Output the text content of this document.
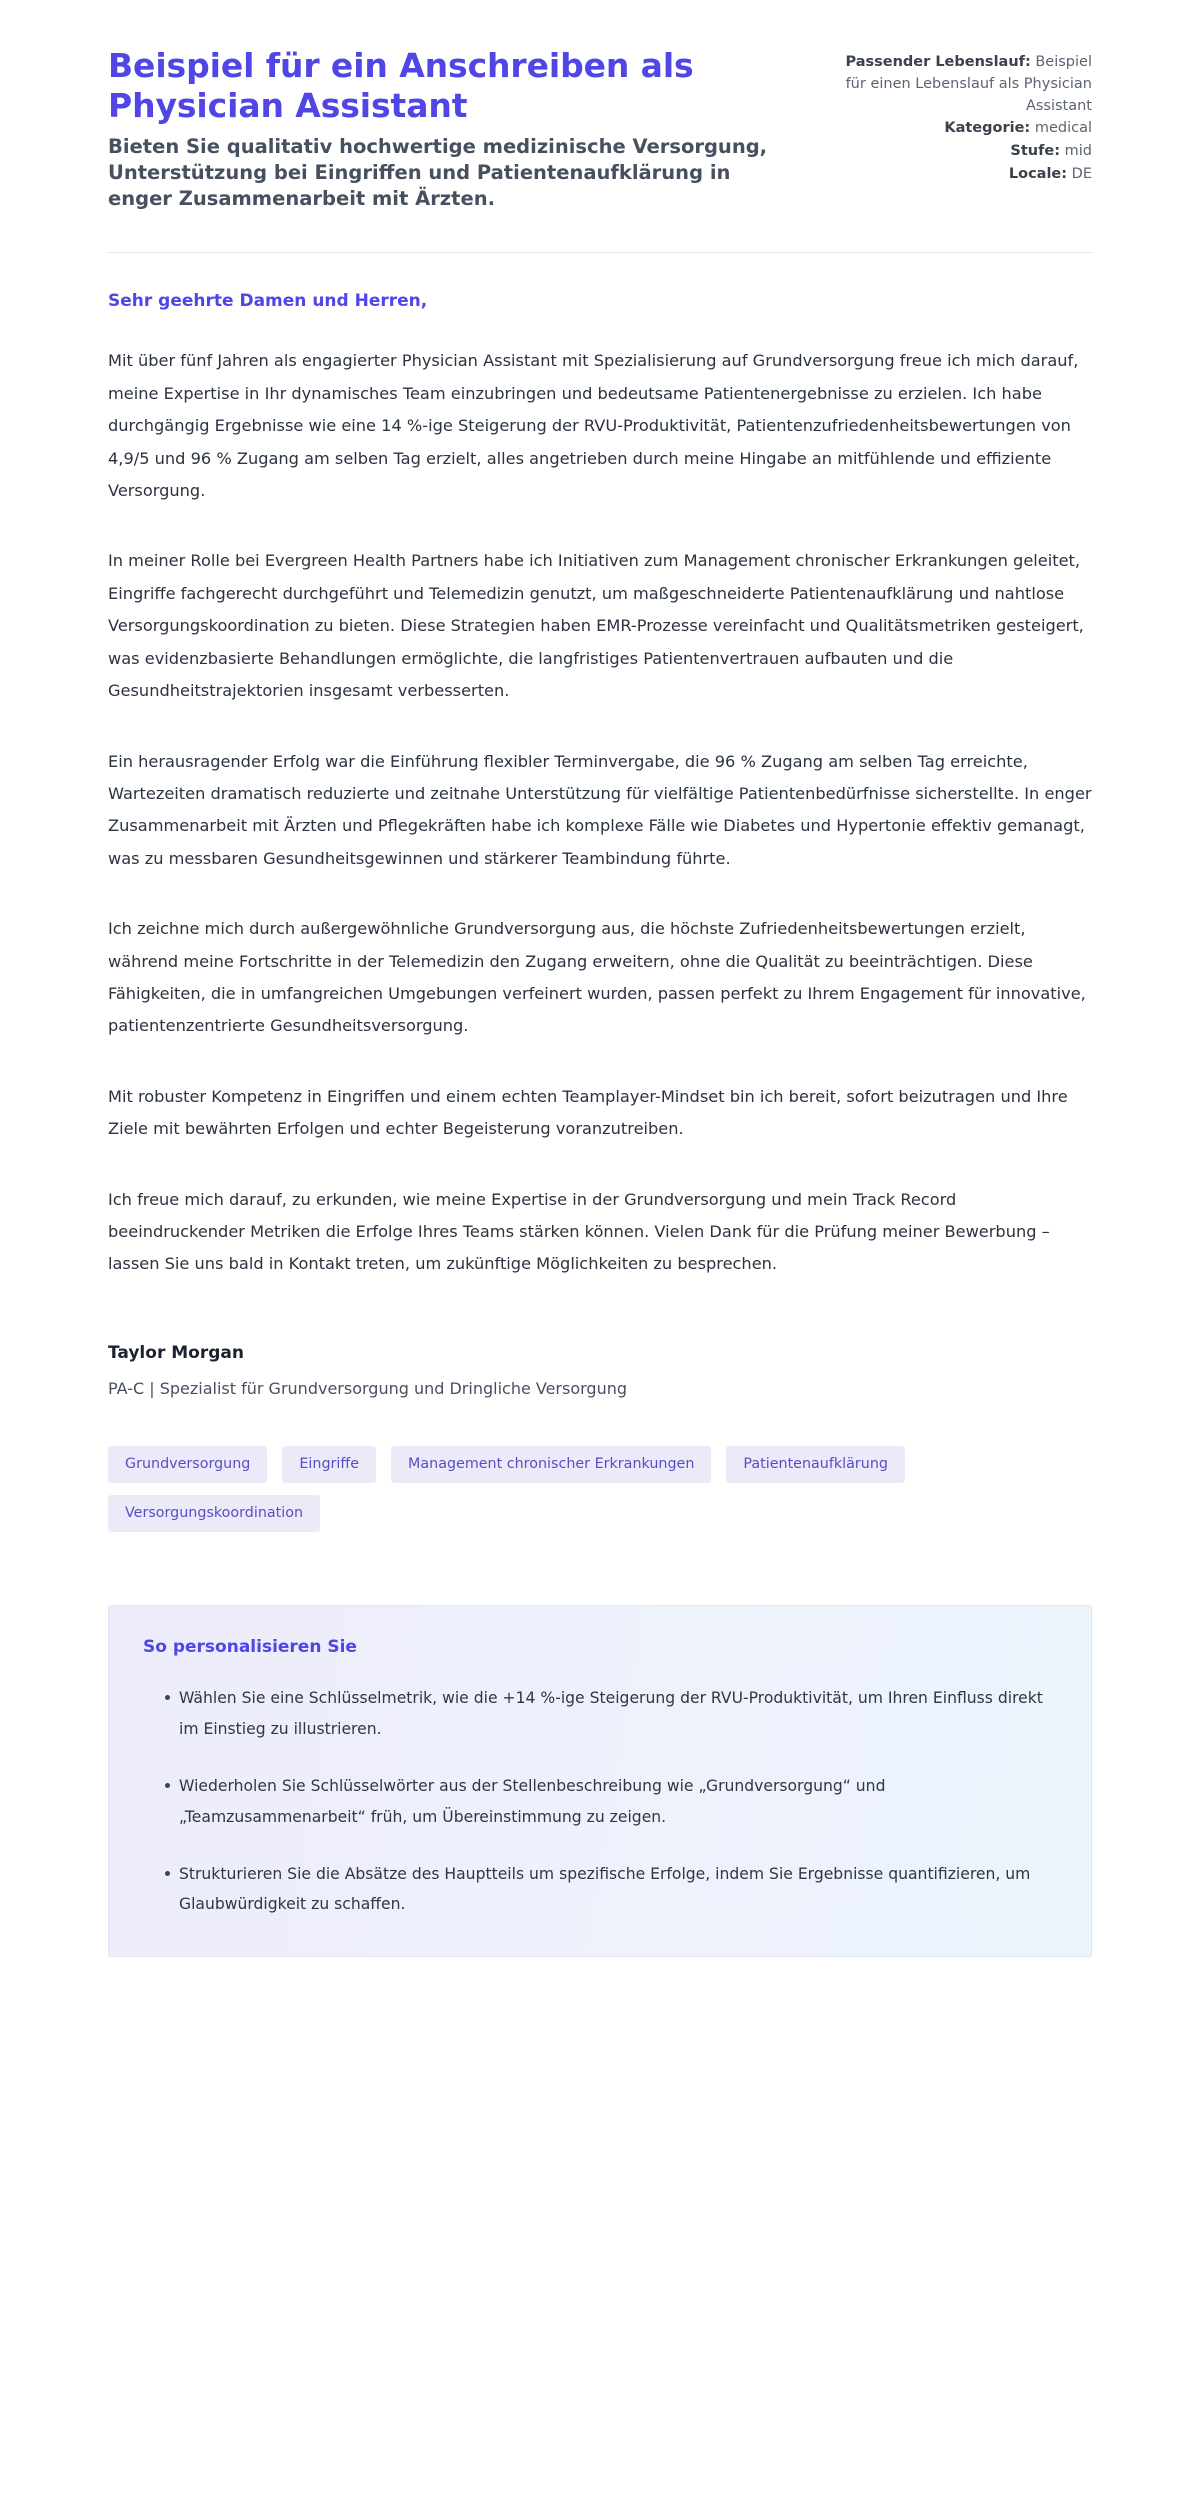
Beispiel für ein Anschreiben als Physician Assistant

Bieten Sie qualitativ hochwertige medizinische Versorgung, Unterstützung bei Eingriffen und Patientenaufklärung in enger Zusammenarbeit mit Ärzten.

Passender Lebenslauf: Beispiel für einen Lebenslauf als Physician Assistant

Kategorie: medical

Stufe: mid

Locale: DE

Sehr geehrte Damen und Herren,

Mit über fünf Jahren als engagierter Physician Assistant mit Spezialisierung auf Grundversorgung freue ich mich darauf, meine Expertise in Ihr dynamisches Team einzubringen und bedeutsame Patientenergebnisse zu erzielen. Ich habe durchgängig Ergebnisse wie eine 14 %-ige Steigerung der RVU-Produktivität, Patientenzufriedenheitsbewertungen von 4,9/5 und 96 % Zugang am selben Tag erzielt, alles angetrieben durch meine Hingabe an mitfühlende und effiziente Versorgung.

In meiner Rolle bei Evergreen Health Partners habe ich Initiativen zum Management chronischer Erkrankungen geleitet, Eingriffe fachgerecht durchgeführt und Telemedizin genutzt, um maßgeschneiderte Patientenaufklärung und nahtlose Versorgungskoordination zu bieten. Diese Strategien haben EMR-Prozesse vereinfacht und Qualitätsmetriken gesteigert, was evidenzbasierte Behandlungen ermöglichte, die langfristiges Patientenvertrauen aufbauten und die Gesundheitstrajektorien insgesamt verbesserten.

Ein herausragender Erfolg war die Einführung flexibler Terminvergabe, die 96 % Zugang am selben Tag erreichte, Wartezeiten dramatisch reduzierte und zeitnahe Unterstützung für vielfältige Patientenbedürfnisse sicherstellte. In enger Zusammenarbeit mit Ärzten und Pflegekräften habe ich komplexe Fälle wie Diabetes und Hypertonie effektiv gemanagt, was zu messbaren Gesundheitsgewinnen und stärkerer Teambindung führte.

Ich zeichne mich durch außergewöhnliche Grundversorgung aus, die höchste Zufriedenheitsbewertungen erzielt, während meine Fortschritte in der Telemedizin den Zugang erweitern, ohne die Qualität zu beeinträchtigen. Diese Fähigkeiten, die in umfangreichen Umgebungen verfeinert wurden, passen perfekt zu Ihrem Engagement für innovative, patientenzentrierte Gesundheitsversorgung.

Mit robuster Kompetenz in Eingriffen und einem echten Teamplayer-Mindset bin ich bereit, sofort beizutragen und Ihre Ziele mit bewährten Erfolgen und echter Begeisterung voranzutreiben.

Ich freue mich darauf, zu erkunden, wie meine Expertise in der Grundversorgung und mein Track Record beeindruckender Metriken die Erfolge Ihres Teams stärken können. Vielen Dank für die Prüfung meiner Bewerbung – lassen Sie uns bald in Kontakt treten, um zukünftige Möglichkeiten zu besprechen.

Taylor Morgan

PA-C | Spezialist für Grundversorgung und Dringliche Versorgung

Grundversorgung	Eingriffe	Management chronischer Erkrankungen	Patientenaufklärung
Versorgungskoordination
So personalisieren Sie
Wählen Sie eine Schlüsselmetrik, wie die +14 %-ige Steigerung der RVU-Produktivität, um Ihren Einfluss direkt im Einstieg zu illustrieren.
Wiederholen Sie Schlüsselwörter aus der Stellenbeschreibung wie „Grundversorgung“ und „Teamzusammenarbeit“ früh, um Übereinstimmung zu zeigen.
Strukturieren Sie die Absätze des Hauptteils um spezifische Erfolge, indem Sie Ergebnisse quantifizieren, um Glaubwürdigkeit zu schaffen.
